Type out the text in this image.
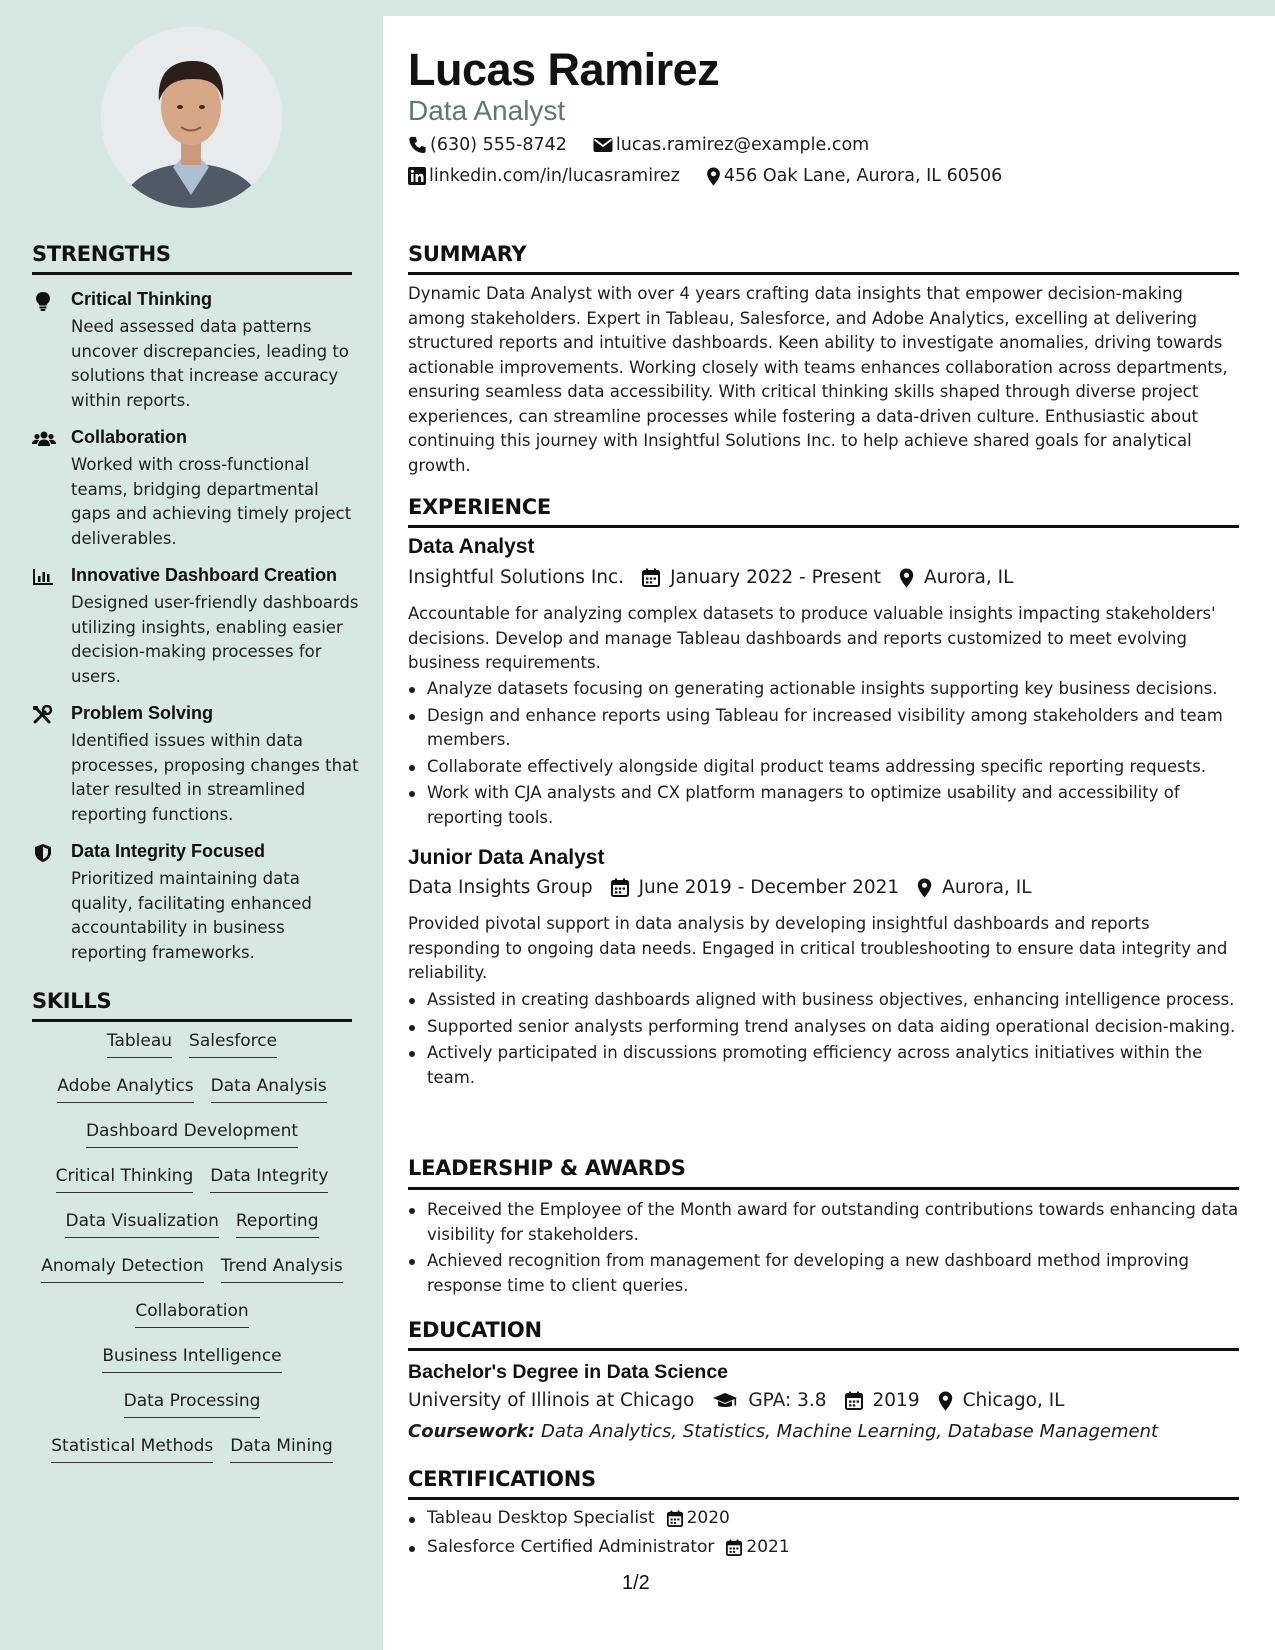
STRENGTHS
Critical Thinking
Need assessed data patterns uncover discrepancies, leading to solutions that increase accuracy within reports.
Collaboration
Worked with cross-functional teams, bridging departmental gaps and achieving timely project deliverables.
Innovative Dashboard Creation
Designed user-friendly dashboards utilizing insights, enabling easier decision-making processes for users.
Problem Solving
Identified issues within data processes, proposing changes that later resulted in streamlined reporting functions.
Data Integrity Focused
Prioritized maintaining data quality, facilitating enhanced accountability in business reporting frameworks.
SKILLS
Tableau Salesforce
Adobe Analytics Data Analysis
Dashboard Development
Critical Thinking Data Integrity
Data Visualization Reporting
Anomaly Detection Trend Analysis
Collaboration
Business Intelligence
Data Processing
Statistical Methods Data Mining
Lucas Ramirez
Data Analyst
(630) 555-8742	lucas.ramirez@example.com
linkedin.com/in/lucasramirez	456 Oak Lane, Aurora, IL 60506
SUMMARY
Dynamic Data Analyst with over 4 years crafting data insights that empower decision-making among stakeholders. Expert in Tableau, Salesforce, and Adobe Analytics, excelling at delivering structured reports and intuitive dashboards. Keen ability to investigate anomalies, driving towards actionable improvements. Working closely with teams enhances collaboration across departments, ensuring seamless data accessibility. With critical thinking skills shaped through diverse project experiences, can streamline processes while fostering a data-driven culture. Enthusiastic about continuing this journey with Insightful Solutions Inc. to help achieve shared goals for analytical growth.
EXPERIENCE
Data Analyst
Insightful Solutions Inc. January 2022 - Present Aurora, IL
Accountable for analyzing complex datasets to produce valuable insights impacting stakeholders' decisions. Develop and manage Tableau dashboards and reports customized to meet evolving business requirements.
Analyze datasets focusing on generating actionable insights supporting key business decisions.
Design and enhance reports using Tableau for increased visibility among stakeholders and team members.
Collaborate effectively alongside digital product teams addressing specific reporting requests.
Work with CJA analysts and CX platform managers to optimize usability and accessibility of reporting tools.
Junior Data Analyst
Data Insights Group June 2019 - December 2021 Aurora, IL
Provided pivotal support in data analysis by developing insightful dashboards and reports responding to ongoing data needs. Engaged in critical troubleshooting to ensure data integrity and reliability.
Assisted in creating dashboards aligned with business objectives, enhancing intelligence process.
Supported senior analysts performing trend analyses on data aiding operational decision-making.
Actively participated in discussions promoting efficiency across analytics initiatives within the team.
LEADERSHIP & AWARDS
Received the Employee of the Month award for outstanding contributions towards enhancing data visibility for stakeholders.
Achieved recognition from management for developing a new dashboard method improving response time to client queries.
EDUCATION
Bachelor's Degree in Data Science
University of Illinois at Chicago	GPA: 3.8 2019 Chicago, IL
Coursework: Data Analytics, Statistics, Machine Learning, Database Management
CERTIFICATIONS
Tableau Desktop Specialist 2020
Salesforce Certified Administrator 2021
1/2
